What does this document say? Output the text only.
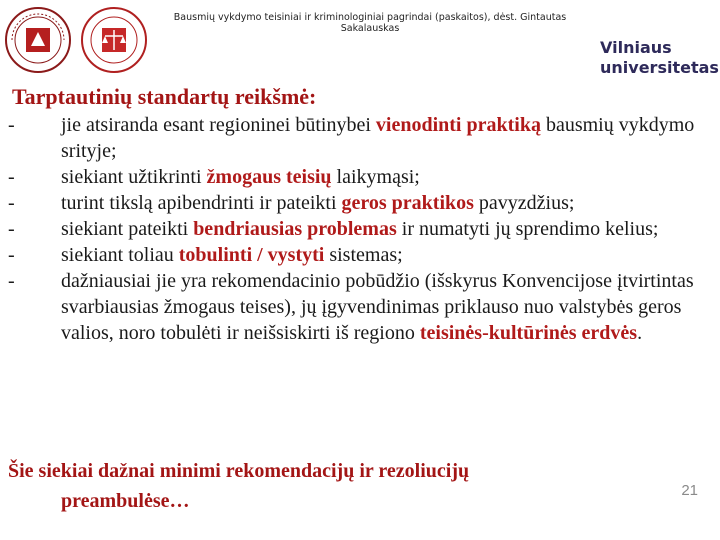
Bausmių vykdymo teisiniai ir kriminologiniai pagrindai (paskaitos), dėst. Gintautas Sakalauskas
Vilniaus
universitetas
Tarptautinių standartų reikšmė:
-	jie atsiranda esant regioninei būtinybei vienodinti praktiką bausmių vykdymo srityje;
-	siekiant užtikrinti žmogaus teisių laikymąsi;
-	turint tikslą apibendrinti ir pateikti geros praktikos pavyzdžius;
-	siekiant pateikti bendriausias problemas ir numatyti jų sprendimo kelius;
-	siekiant toliau tobulinti / vystyti sistemas;
-	dažniausiai jie yra rekomendacinio pobūdžio (išskyrus Konvencijose įtvirtintas svarbiausias žmogaus teises), jų įgyvendinimas priklauso nuo valstybės geros valios, noro tobulėti ir neišsiskirti iš regiono teisinės-kultūrinės erdvės.
Šie siekiai dažnai minimi rekomendacijų ir rezoliucijų
preambulėse…	21
